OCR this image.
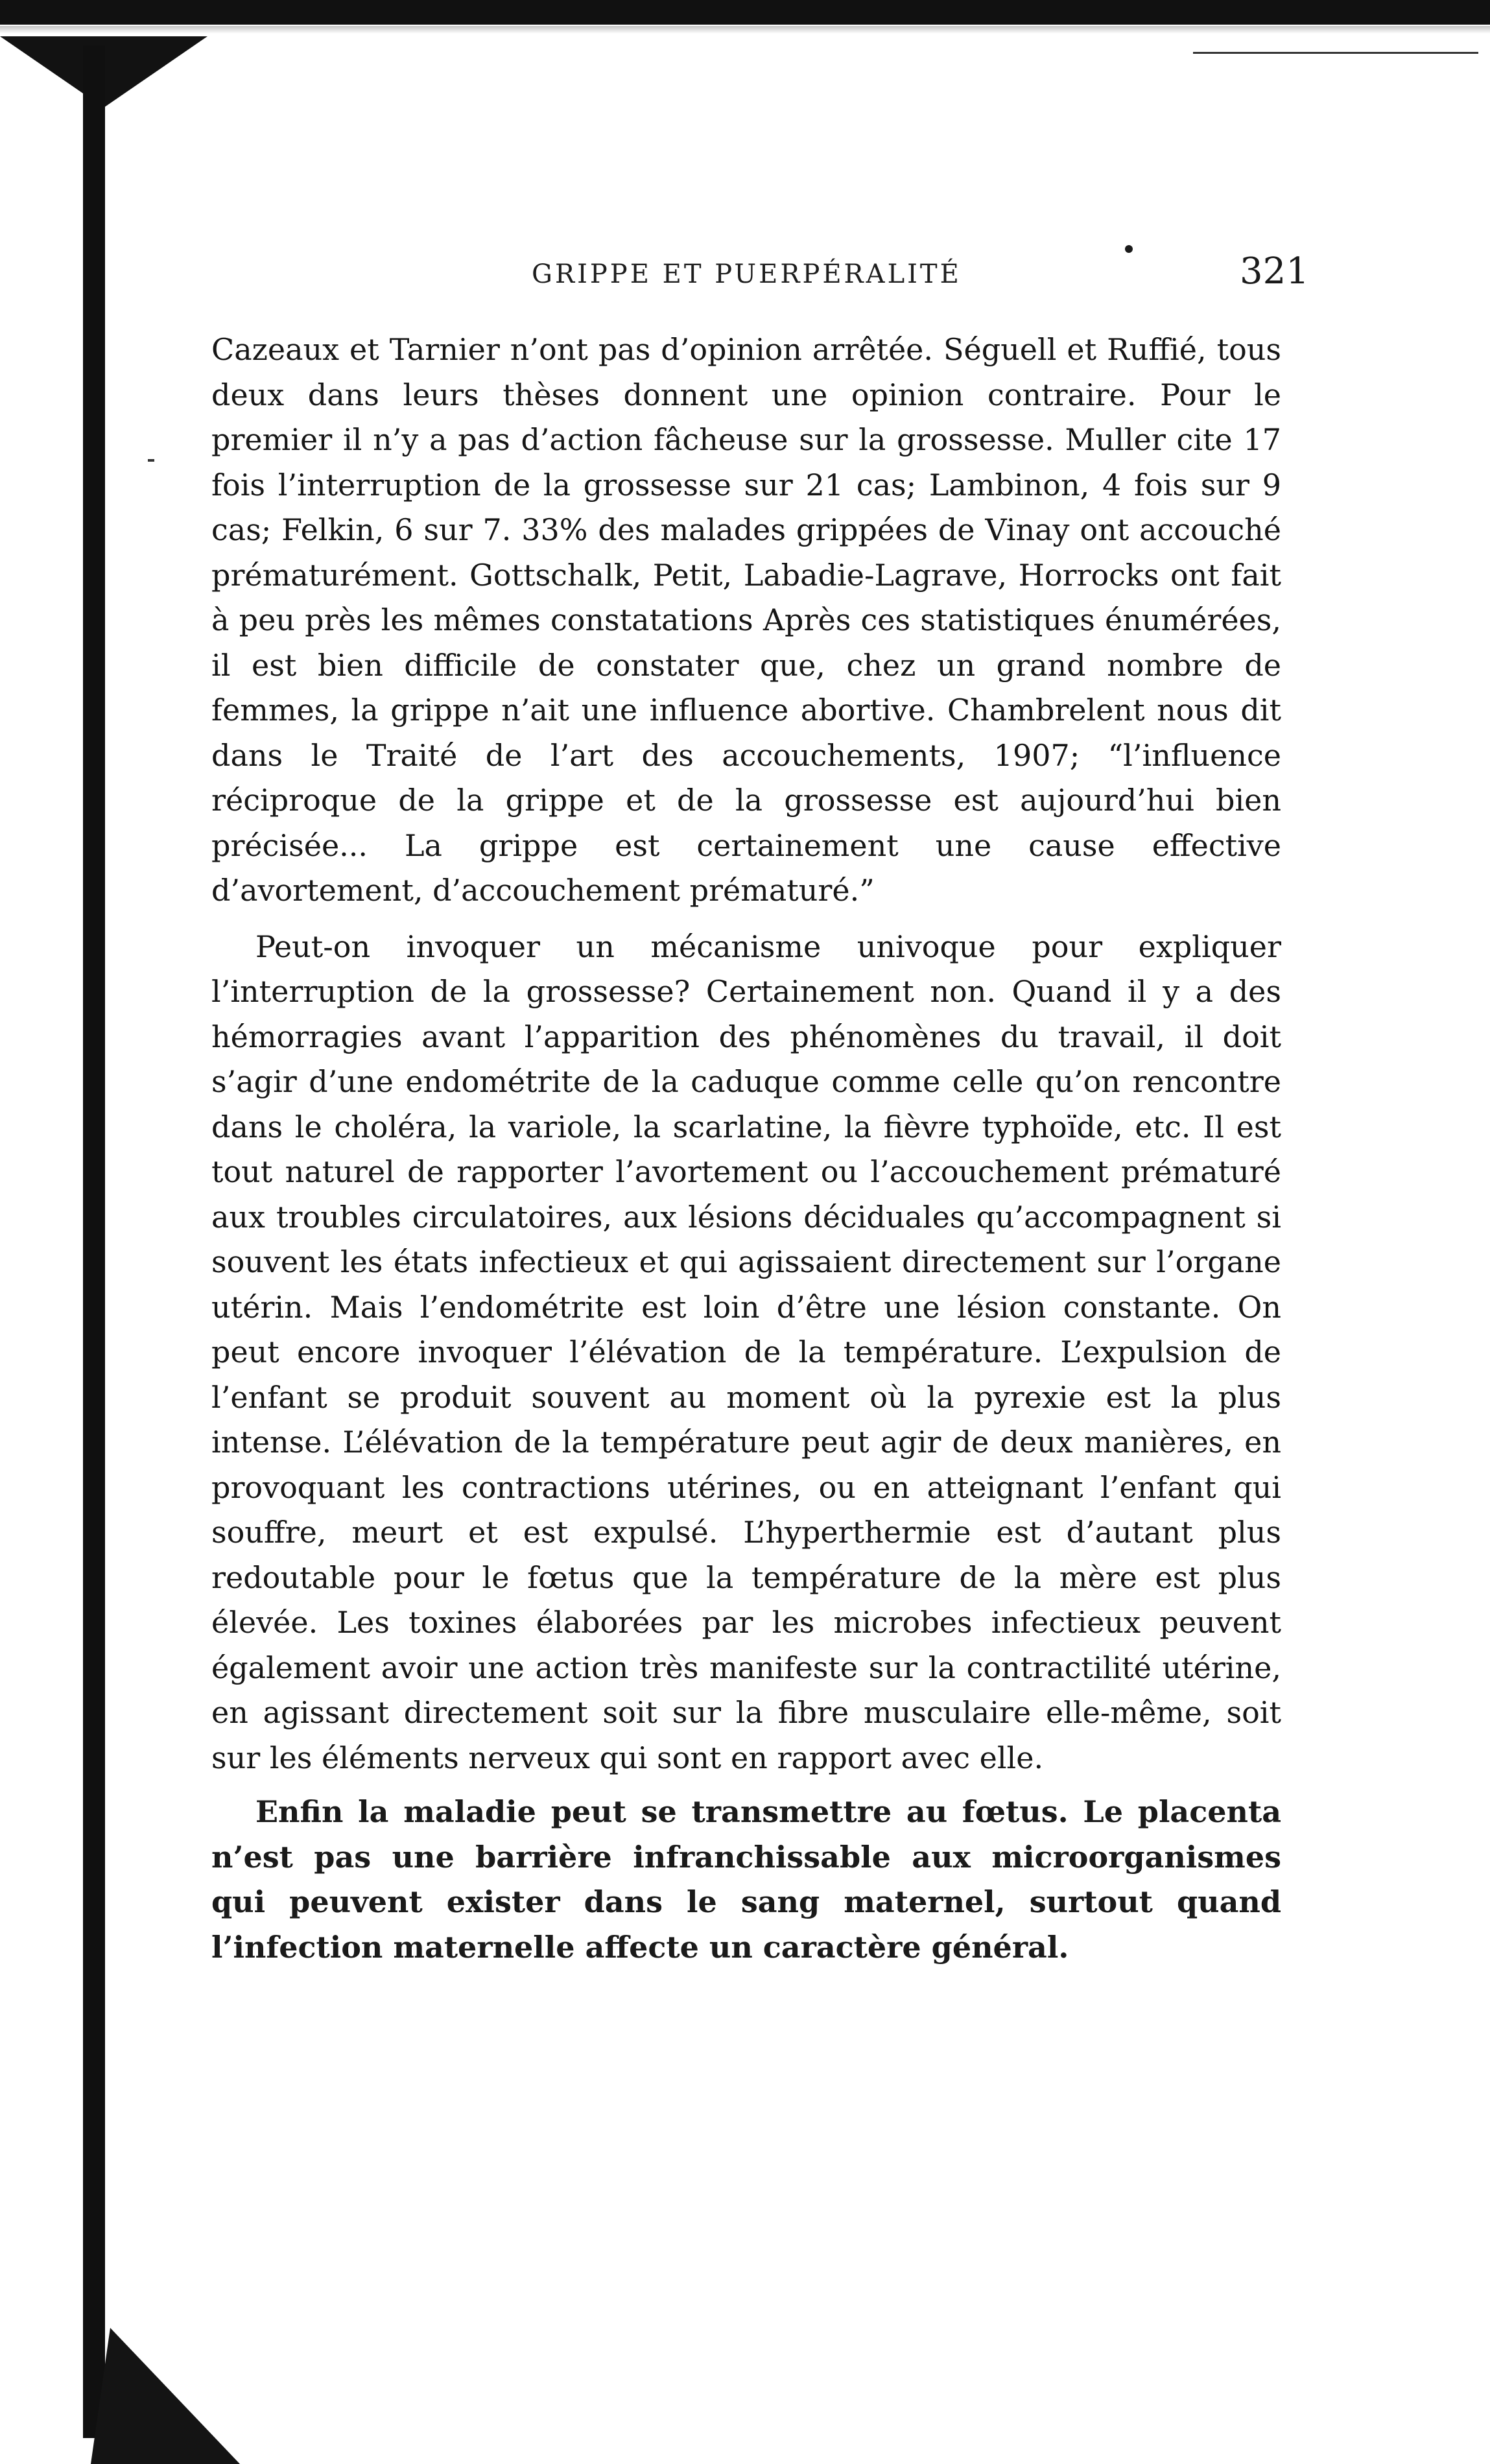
GRIPPE ET PUERPÉRALITÉ	321

Cazeaux et Tarnier n’ont pas d’opinion arrêtée. Séguell et Ruffié, tous deux dans leurs thèses donnent une opinion contraire. Pour le premier il n’y a pas d’action fâcheuse sur la grossesse. Muller cite 17 fois l’interruption de la grossesse sur 21 cas; Lambinon, 4 fois sur 9 cas; Felkin, 6 sur 7. 33% des malades grippées de Vinay ont accouché prématurément. Gottschalk, Petit, Labadie-Lagrave, Horrocks ont fait à peu près les mêmes constatations Après ces statistiques énumérées, il est bien difficile de constater que, chez un grand nombre de femmes, la grippe n’ait une influence abortive. Chambrelent nous dit dans le Traité de l’art des accouchements, 1907; “l’influence réciproque de la grippe et de la grossesse est aujourd’hui bien précisée... La grippe est certainement une cause effective d’avortement, d’accouchement prématuré.”

Peut-on invoquer un mécanisme univoque pour expliquer l’interruption de la grossesse? Certainement non. Quand il y a des hémorragies avant l’apparition des phénomènes du travail, il doit s’agir d’une endométrite de la caduque comme celle qu’on rencontre dans le choléra, la variole, la scarlatine, la fièvre typhoïde, etc. Il est tout naturel de rapporter l’avortement ou l’accouchement prématuré aux troubles circulatoires, aux lésions déciduales qu’accompagnent si souvent les états infectieux et qui agissaient directement sur l’organe utérin. Mais l’endométrite est loin d’être une lésion constante. On peut encore invoquer l’élévation de la température. L’expulsion de l’enfant se produit souvent au moment où la pyrexie est la plus intense. L’élévation de la température peut agir de deux manières, en provoquant les contractions utérines, ou en atteignant l’enfant qui souffre, meurt et est expulsé. L’hyperthermie est d’autant plus redoutable pour le fœtus que la température de la mère est plus élevée. Les toxines élaborées par les microbes infectieux peuvent également avoir une action très manifeste sur la contractilité utérine, en agissant directement soit sur la fibre musculaire elle-même, soit sur les éléments nerveux qui sont en rapport avec elle.

Enfin la maladie peut se transmettre au fœtus. Le placenta n’est pas une barrière infranchissable aux microorganismes qui peuvent exister dans le sang maternel, surtout quand l’infection maternelle affecte un caractère général.
